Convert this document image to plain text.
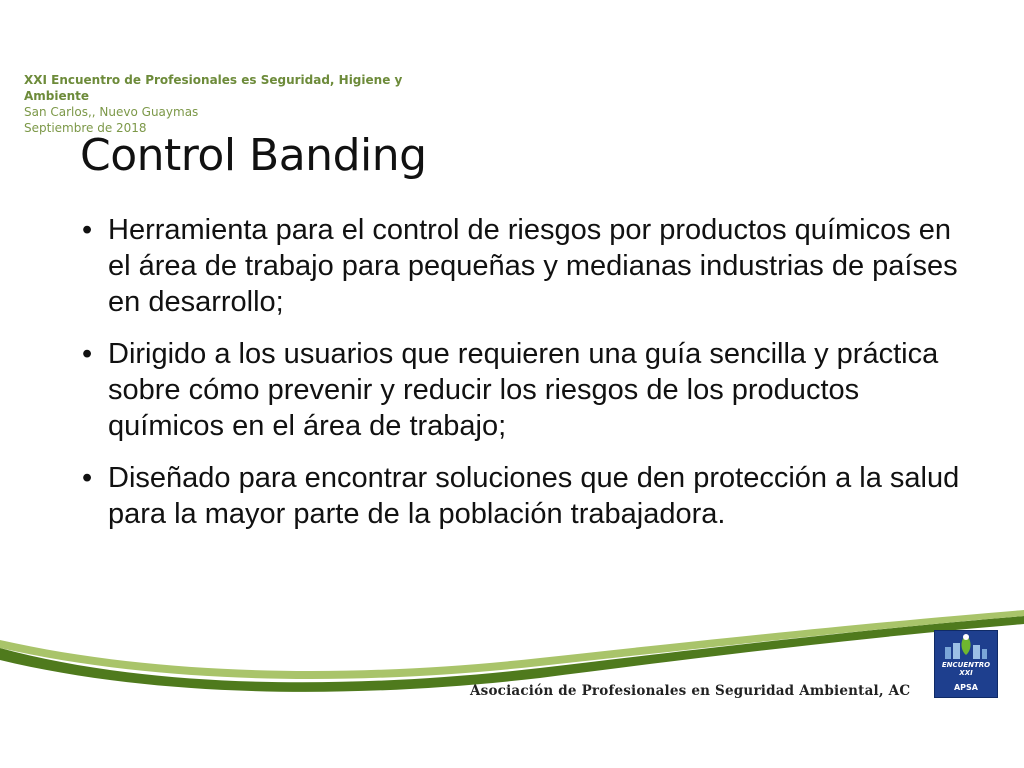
XXI Encuentro de Profesionales es Seguridad, Higiene y Ambiente
San Carlos,, Nuevo Guaymas
Septiembre de 2018
Control Banding
• Herramienta para el control de riesgos por productos químicos en el área de trabajo para pequeñas y medianas industrias de países en desarrollo;
• Dirigido a los usuarios que requieren una guía sencilla y práctica sobre cómo prevenir y reducir los riesgos de los productos químicos en el área de trabajo;
• Diseñado para encontrar soluciones que den protección a la salud para la mayor parte de la población trabajadora.
Asociación de Profesionales en Seguridad Ambiental, AC
ENCUENTRO XXI
APSA
